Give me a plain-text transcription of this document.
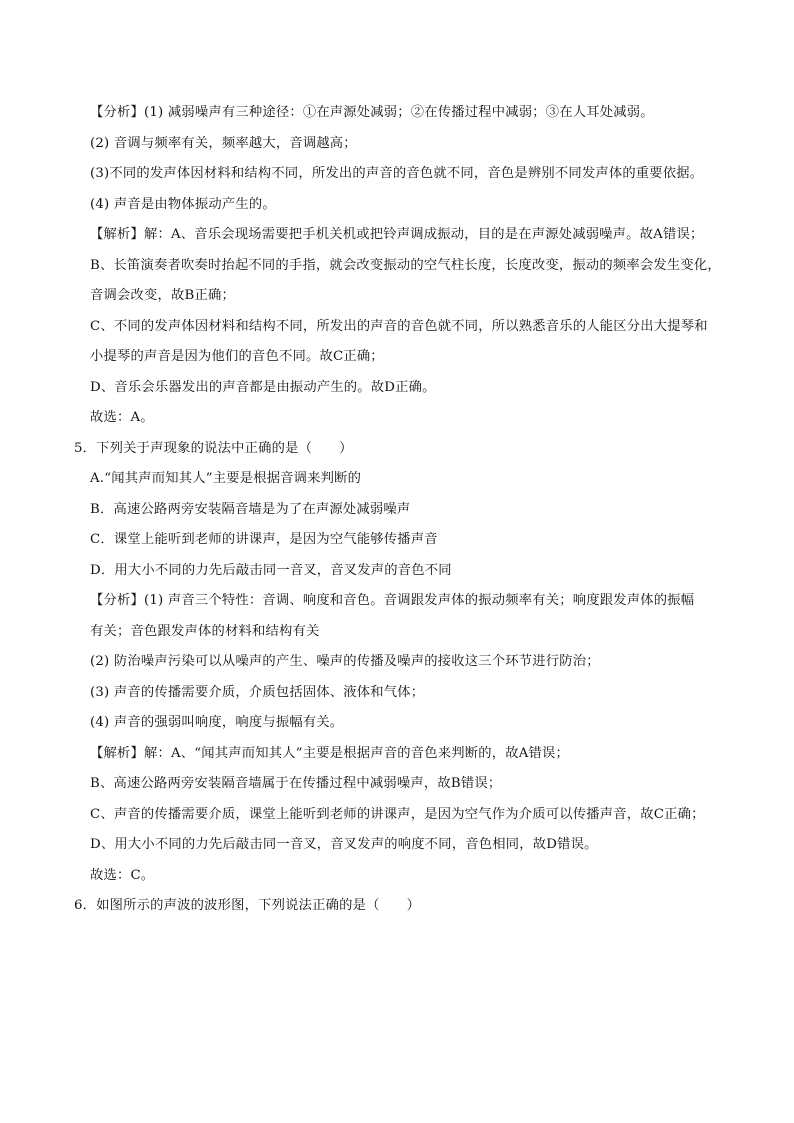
【分析】(1) 减弱噪声有三种途径：①在声源处减弱；②在传播过程中减弱；③在人耳处减弱。
(2) 音调与频率有关，频率越大，音调越高；
(3)不同的发声体因材料和结构不同，所发出的声音的音色就不同，音色是辨别不同发声体的重要依据。
(4) 声音是由物体振动产生的。
【解析】解：A、音乐会现场需要把手机关机或把铃声调成振动，目的是在声源处减弱噪声。故A错误；
B、长笛演奏者吹奏时抬起不同的手指，就会改变振动的空气柱长度，长度改变，振动的频率会发生变化，
音调会改变，故B正确；
C、不同的发声体因材料和结构不同，所发出的声音的音色就不同，所以熟悉音乐的人能区分出大提琴和
小提琴的声音是因为他们的音色不同。故C正确；
D、音乐会乐器发出的声音都是由振动产生的。故D正确。
故选：A。
5．下列关于声现象的说法中正确的是（　　）
A.“闻其声而知其人”主要是根据音调来判断的
B．高速公路两旁安装隔音墙是为了在声源处减弱噪声
C．课堂上能听到老师的讲课声，是因为空气能够传播声音
D．用大小不同的力先后敲击同一音叉，音叉发声的音色不同
【分析】(1) 声音三个特性：音调、响度和音色。音调跟发声体的振动频率有关；响度跟发声体的振幅
有关；音色跟发声体的材料和结构有关
(2) 防治噪声污染可以从噪声的产生、噪声的传播及噪声的接收这三个环节进行防治；
(3) 声音的传播需要介质，介质包括固体、液体和气体；
(4) 声音的强弱叫响度，响度与振幅有关。
【解析】解：A、“闻其声而知其人”主要是根据声音的音色来判断的，故A错误；
B、高速公路两旁安装隔音墙属于在传播过程中减弱噪声，故B错误；
C、声音的传播需要介质，课堂上能听到老师的讲课声，是因为空气作为介质可以传播声音，故C正确；
D、用大小不同的力先后敲击同一音叉，音叉发声的响度不同，音色相同，故D错误。
故选：C。
6．如图所示的声波的波形图，下列说法正确的是（　　）
